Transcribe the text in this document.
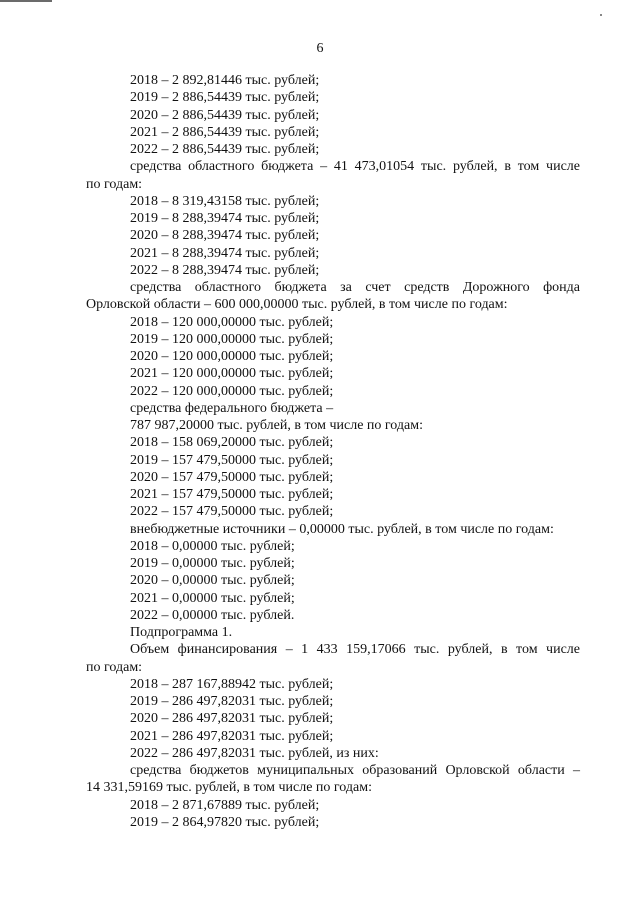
6

2018 – 2 892,81446 тыс. рублей;

2019 – 2 886,54439 тыс. рублей;

2020 – 2 886,54439 тыс. рублей;

2021 – 2 886,54439 тыс. рублей;

2022 – 2 886,54439 тыс. рублей;

средства областного бюджета – 41 473,01054 тыс. рублей, в том числе

по годам:

2018 – 8 319,43158 тыс. рублей;

2019 – 8 288,39474 тыс. рублей;

2020 – 8 288,39474 тыс. рублей;

2021 – 8 288,39474 тыс. рублей;

2022 – 8 288,39474 тыс. рублей;

средства областного бюджета за счет средств Дорожного фонда

Орловской области – 600 000,00000 тыс. рублей, в том числе по годам:

2018 – 120 000,00000 тыс. рублей;

2019 – 120 000,00000 тыс. рублей;

2020 – 120 000,00000 тыс. рублей;

2021 – 120 000,00000 тыс. рублей;

2022 – 120 000,00000 тыс. рублей;

средства федерального бюджета –

787 987,20000 тыс. рублей, в том числе по годам:

2018 – 158 069,20000 тыс. рублей;

2019 – 157 479,50000 тыс. рублей;

2020 – 157 479,50000 тыс. рублей;

2021 – 157 479,50000 тыс. рублей;

2022 – 157 479,50000 тыс. рублей;

внебюджетные источники – 0,00000 тыс. рублей, в том числе по годам:

2018 – 0,00000 тыс. рублей;

2019 – 0,00000 тыс. рублей;

2020 – 0,00000 тыс. рублей;

2021 – 0,00000 тыс. рублей;

2022 – 0,00000 тыс. рублей.

Подпрограмма 1.

Объем финансирования – 1 433 159,17066 тыс. рублей, в том числе

по годам:

2018 – 287 167,88942 тыс. рублей;

2019 – 286 497,82031 тыс. рублей;

2020 – 286 497,82031 тыс. рублей;

2021 – 286 497,82031 тыс. рублей;

2022 – 286 497,82031 тыс. рублей, из них:

средства бюджетов муниципальных образований Орловской области –

14 331,59169 тыс. рублей, в том числе по годам:

2018 – 2 871,67889 тыс. рублей;

2019 – 2 864,97820 тыс. рублей;
